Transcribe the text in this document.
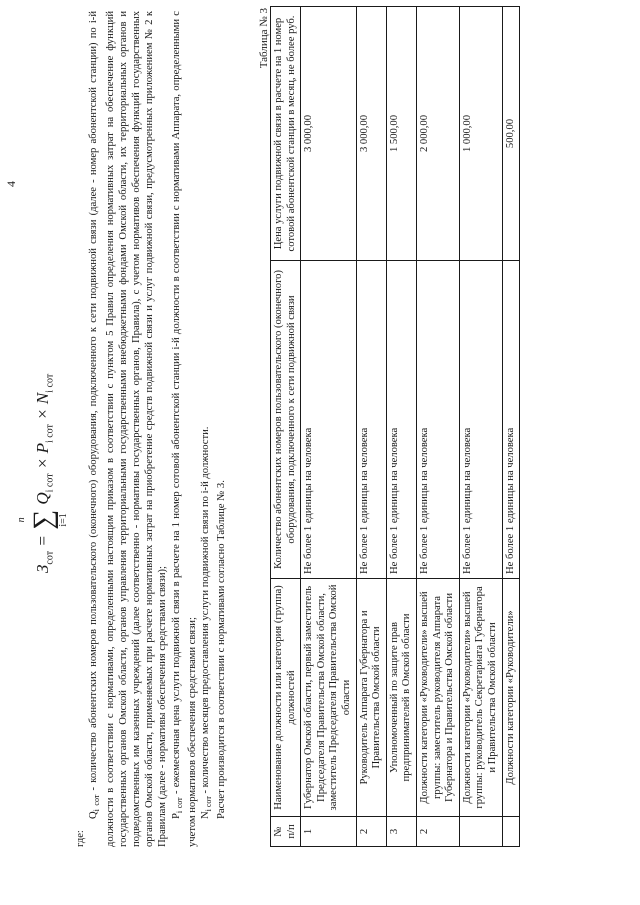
4
$З_{сот}$ =
n ∑ i=1
$Q_{i сот} \times P_{i сот} \times N_{i сот}$

где:

$Q_{i сот}$ - количество абонентских номеров пользовательского (оконечного) оборудования, подключенного к сети подвижной связи (далее - номер абонентской станции) по i-й должности в соответствии с нормативами, определенными настоящим приказом в соответствии с пунктом 5 Правил определения нормативных затрат на обеспечение функций государственных органов Омской области, органов управления территориальными государственными внебюджетными фондами Омской области, их территориальных органов и подведомственных им казенных учреждений (далее соответственно - нормативы государственных органов, Правила), с учетом нормативов обеспечения функций государственных органов Омской области, применяемых при расчете нормативных затрат на приобретение средств подвижной связи и услуг подвижной связи, предусмотренных приложением № 2 к Правилам (далее - нормативы обеспечения средствами связи); $P_{i сот}$ - ежемесячная цена услуги подвижной связи в расчете на 1 номер сотовой абонентской станции i-й должности в соответствии с нормативами Аппарата, определенными с учетом нормативов обеспечения средствами связи; $N_{i сот}$ - количество месяцев предоставления услуги подвижной связи по i-й должности. Расчет производится в соответствии с нормативами согласно Таблице № 3.

Таблица № 3
№ п/п	Наименование должности или категория (группа) должностей	Количество абонентских номеров пользовательского (оконечного) оборудования, подключенного к сети подвижной связи	Цена услуги подвижной связи в расчете на 1 номер сотовой абонентской станции в месяц, не более руб.
1	Губернатор Омской области, первый заместитель Председателя Правительства Омской области, заместитель Председателя Правительства Омской области	Не более 1 единицы на человека	3 000,00
2	Руководитель Аппарата Губернатора и Правительства Омской области	Не более 1 единицы на человека	3 000,00
3	Уполномоченный по защите прав предпринимателей в Омской области	Не более 1 единицы на человека	1 500,00
2	Должности категории «Руководители» высшей группы: заместитель руководителя Аппарата Губернатора и Правительства Омской области	Не более 1 единицы на человека	2 000,00
	Должности категории «Руководители» высшей группы: руководитель Секретариата Губернатора и Правительства Омской области	Не более 1 единицы на человека	1 000,00
	Должности категории «Руководители»	Не более 1 единицы на человека	500,00
